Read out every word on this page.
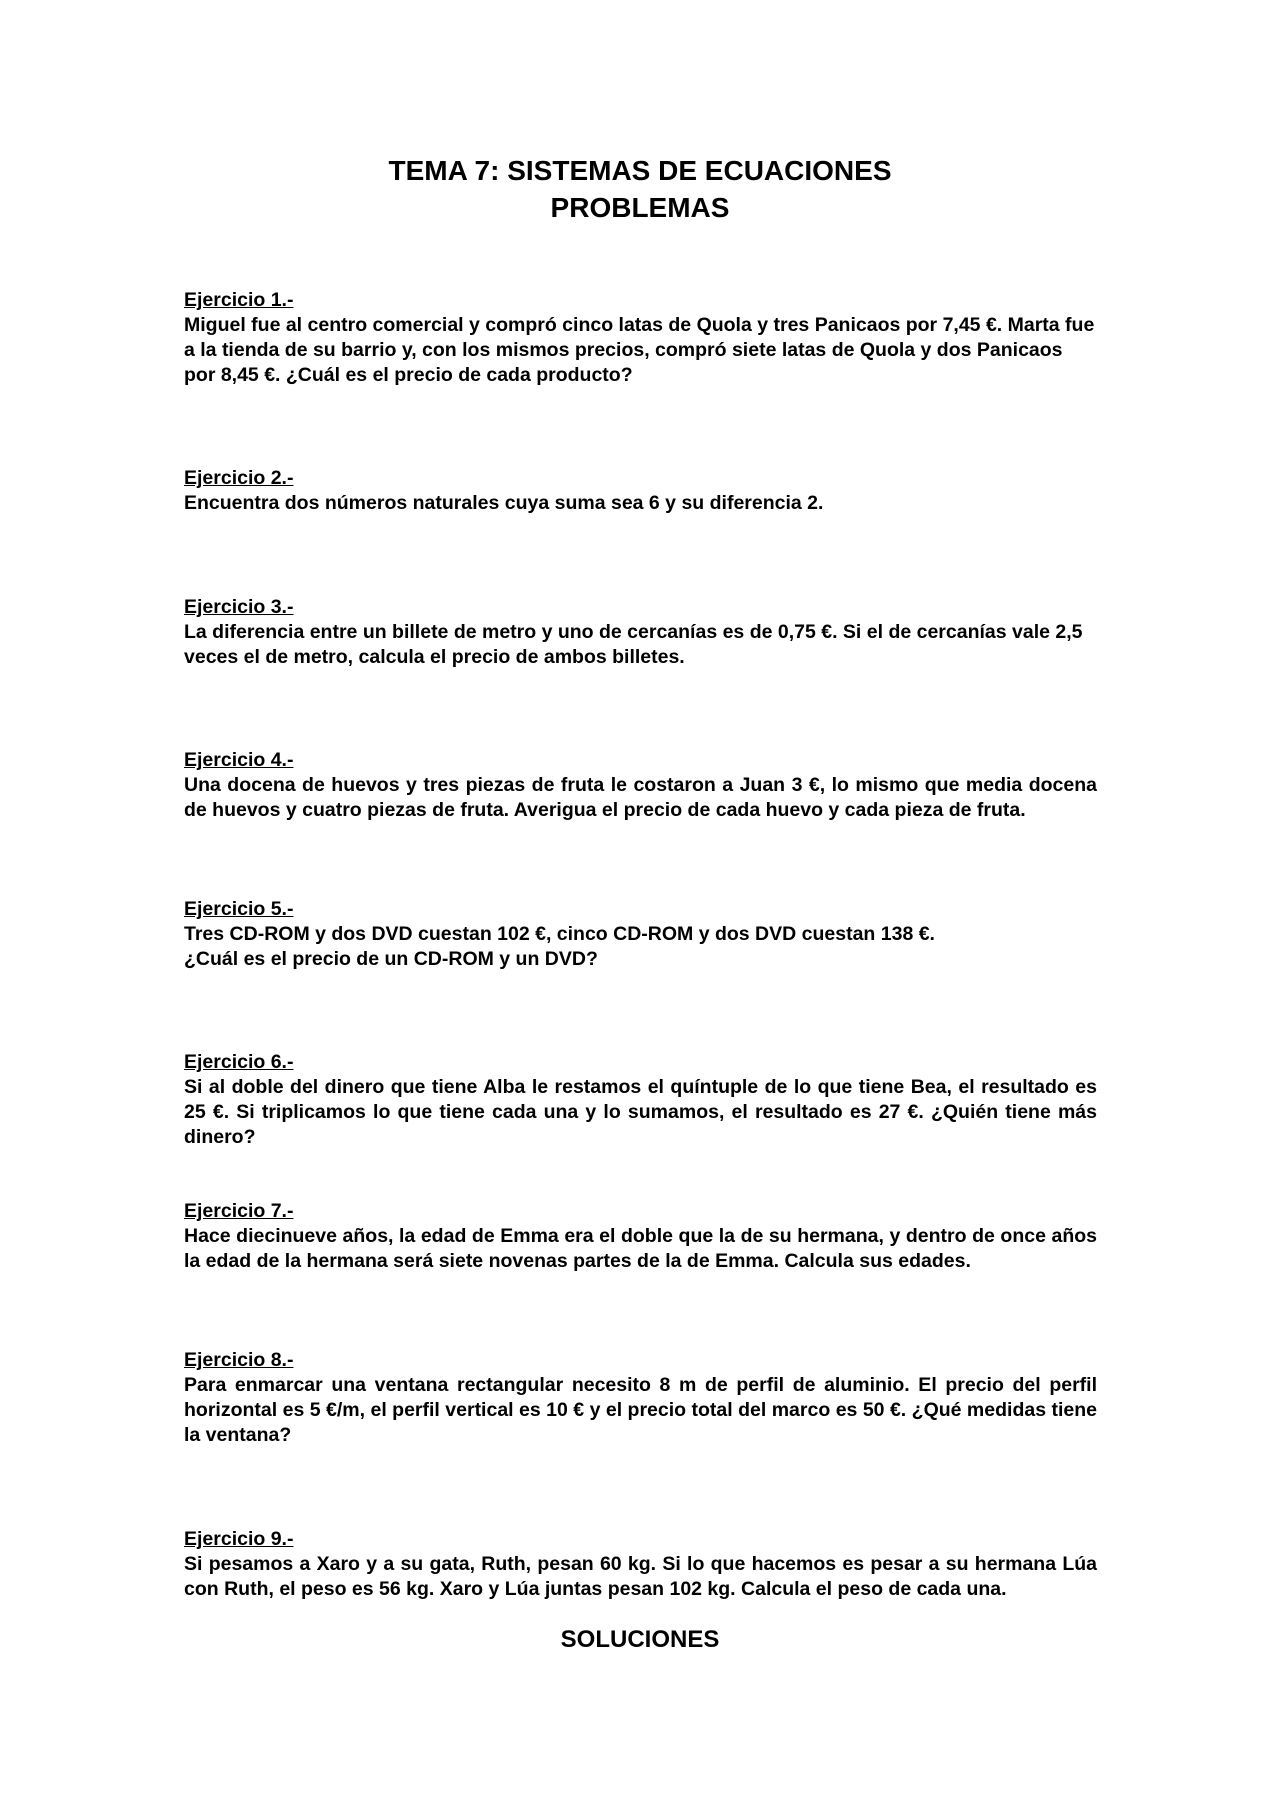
TEMA 7: SISTEMAS DE ECUACIONES
PROBLEMAS
Ejercicio 1.-
Miguel fue al centro comercial y compró cinco latas de Quola y tres Panicaos por 7,45 €. Marta fue a la tienda de su barrio y, con los mismos precios, compró siete latas de Quola y dos Panicaos por 8,45 €. ¿Cuál es el precio de cada producto?
Ejercicio 2.-
Encuentra dos números naturales cuya suma sea 6 y su diferencia 2.
Ejercicio 3.-
La diferencia entre un billete de metro y uno de cercanías es de 0,75 €. Si el de cercanías vale 2,5 veces el de metro, calcula el precio de ambos billetes.
Ejercicio 4.-
Una docena de huevos y tres piezas de fruta le costaron a Juan 3 €, lo mismo que media docena de huevos y cuatro piezas de fruta. Averigua el precio de cada huevo y cada pieza de fruta.
Ejercicio 5.-
Tres CD-ROM y dos DVD cuestan 102 €, cinco CD-ROM y dos DVD cuestan 138 €.
¿Cuál es el precio de un CD-ROM y un DVD?
Ejercicio 6.-
Si al doble del dinero que tiene Alba le restamos el quíntuple de lo que tiene Bea, el resultado es 25 €. Si triplicamos lo que tiene cada una y lo sumamos, el resultado es 27 €. ¿Quién tiene más dinero?
Ejercicio 7.-
Hace diecinueve años, la edad de Emma era el doble que la de su hermana, y dentro de once años la edad de la hermana será siete novenas partes de la de Emma. Calcula sus edades.
Ejercicio 8.-
Para enmarcar una ventana rectangular necesito 8 m de perfil de aluminio. El precio del perfil horizontal es 5 €/m, el perfil vertical es 10 € y el precio total del marco es 50 €. ¿Qué medidas tiene la ventana?
Ejercicio 9.-
Si pesamos a Xaro y a su gata, Ruth, pesan 60 kg. Si lo que hacemos es pesar a su hermana Lúa con Ruth, el peso es 56 kg. Xaro y Lúa juntas pesan 102 kg. Calcula el peso de cada una.
SOLUCIONES
